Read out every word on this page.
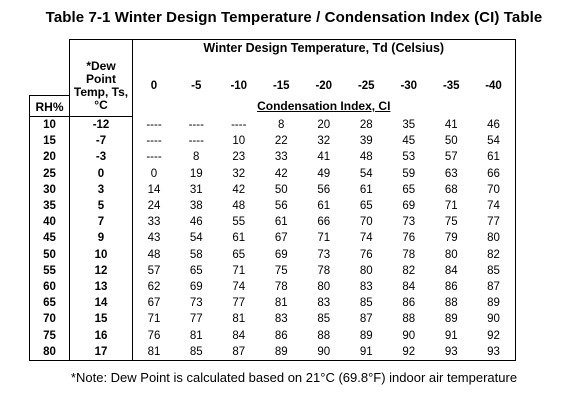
Table 7-1 Winter Design Temperature / Condensation Index (CI) Table
		Winter Design Temperature, Td (Celsius)								
	*Dew Point Temp, Ts, °C									
		0	-5	-10	-15	-20	-25	-30	-35	-40
RH%		Condensation Index, CI								
10	-12	----	----	----	8	20	28	35	41	46
15	-7	----	----	10	22	32	39	45	50	54
20	-3	----	8	23	33	41	48	53	57	61
25	0	0	19	32	42	49	54	59	63	66
30	3	14	31	42	50	56	61	65	68	70
35	5	24	38	48	56	61	65	69	71	74
40	7	33	46	55	61	66	70	73	75	77
45	9	43	54	61	67	71	74	76	79	80
50	10	48	58	65	69	73	76	78	80	82
55	12	57	65	71	75	78	80	82	84	85
60	13	62	69	74	78	80	83	84	86	87
65	14	67	73	77	81	83	85	86	88	89
70	15	71	77	81	83	85	87	88	89	90
75	16	76	81	84	86	88	89	90	91	92
80	17	81	85	87	89	90	91	92	93	93
*Note: Dew Point is calculated based on 21°C (69.8°F) indoor air temperature
